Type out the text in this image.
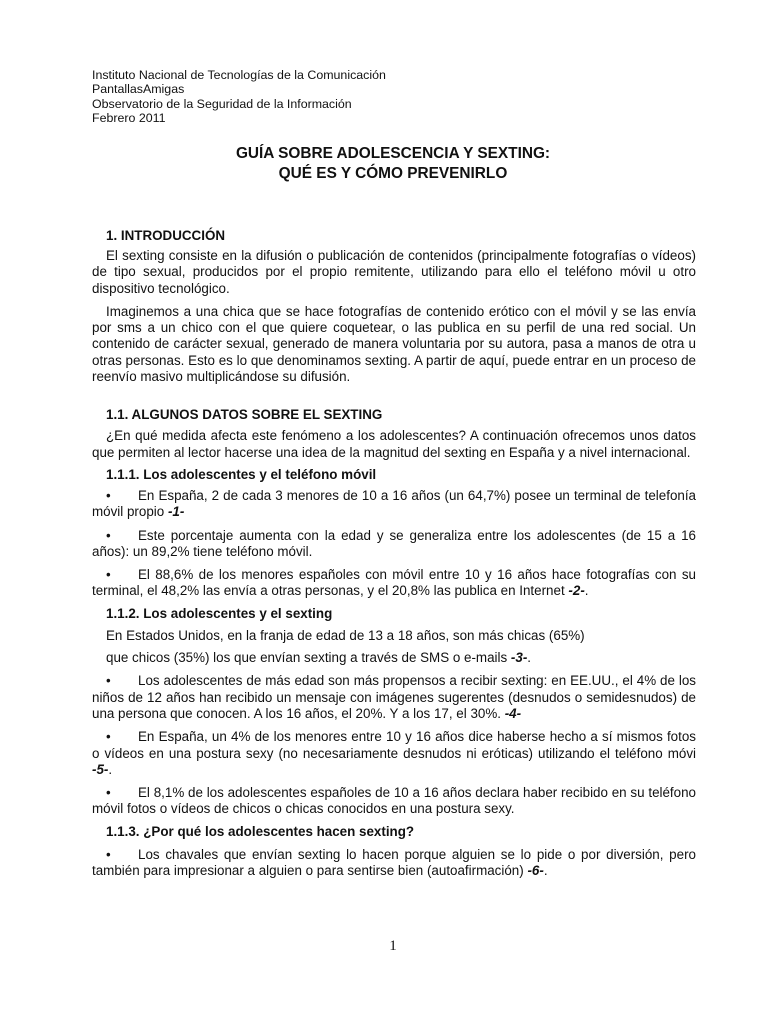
Instituto Nacional de Tecnologías de la Comunicación
PantallasAmigas
Observatorio de la Seguridad de la Información
Febrero 2011
GUÍA SOBRE ADOLESCENCIA Y SEXTING:
QUÉ ES Y CÓMO PREVENIRLO
1. INTRODUCCIÓN

El sexting consiste en la difusión o publicación de contenidos (principalmente fotografías o vídeos) de tipo sexual, producidos por el propio remitente, utilizando para ello el teléfono móvil u otro dispositivo tecnológico.

Imaginemos a una chica que se hace fotografías de contenido erótico con el móvil y se las envía por sms a un chico con el que quiere coquetear, o las publica en su perfil de una red social. Un contenido de carácter sexual, generado de manera voluntaria por su autora, pasa a manos de otra u otras personas. Esto es lo que denominamos sexting. A partir de aquí, puede entrar en un proceso de reenvío masivo multiplicándose su difusión.

1.1. ALGUNOS DATOS SOBRE EL SEXTING

¿En qué medida afecta este fenómeno a los adolescentes? A continuación ofrecemos unos datos que permiten al lector hacerse una idea de la magnitud del sexting en España y a nivel internacional.

1.1.1. Los adolescentes y el teléfono móvil

• En España, 2 de cada 3 menores de 10 a 16 años (un 64,7%) posee un terminal de telefonía móvil propio -1-

• Este porcentaje aumenta con la edad y se generaliza entre los adolescentes (de 15 a 16 años): un 89,2% tiene teléfono móvil.

• El 88,6% de los menores españoles con móvil entre 10 y 16 años hace fotografías con su terminal, el 48,2% las envía a otras personas, y el 20,8% las publica en Internet -2-.

1.1.2. Los adolescentes y el sexting

En Estados Unidos, en la franja de edad de 13 a 18 años, son más chicas (65%)

que chicos (35%) los que envían sexting a través de SMS o e-mails -3-.

• Los adolescentes de más edad son más propensos a recibir sexting: en EE.UU., el 4% de los niños de 12 años han recibido un mensaje con imágenes sugerentes (desnudos o semidesnudos) de una persona que conocen. A los 16 años, el 20%. Y a los 17, el 30%. -4-

• En España, un 4% de los menores entre 10 y 16 años dice haberse hecho a sí mismos fotos o vídeos en una postura sexy (no necesariamente desnudos ni eróticas) utilizando el teléfono móvi -5-.

• El 8,1% de los adolescentes españoles de 10 a 16 años declara haber recibido en su teléfono móvil fotos o vídeos de chicos o chicas conocidos en una postura sexy.

1.1.3. ¿Por qué los adolescentes hacen sexting?

• Los chavales que envían sexting lo hacen porque alguien se lo pide o por diversión, pero también para impresionar a alguien o para sentirse bien (autoafirmación) -6-.

1
